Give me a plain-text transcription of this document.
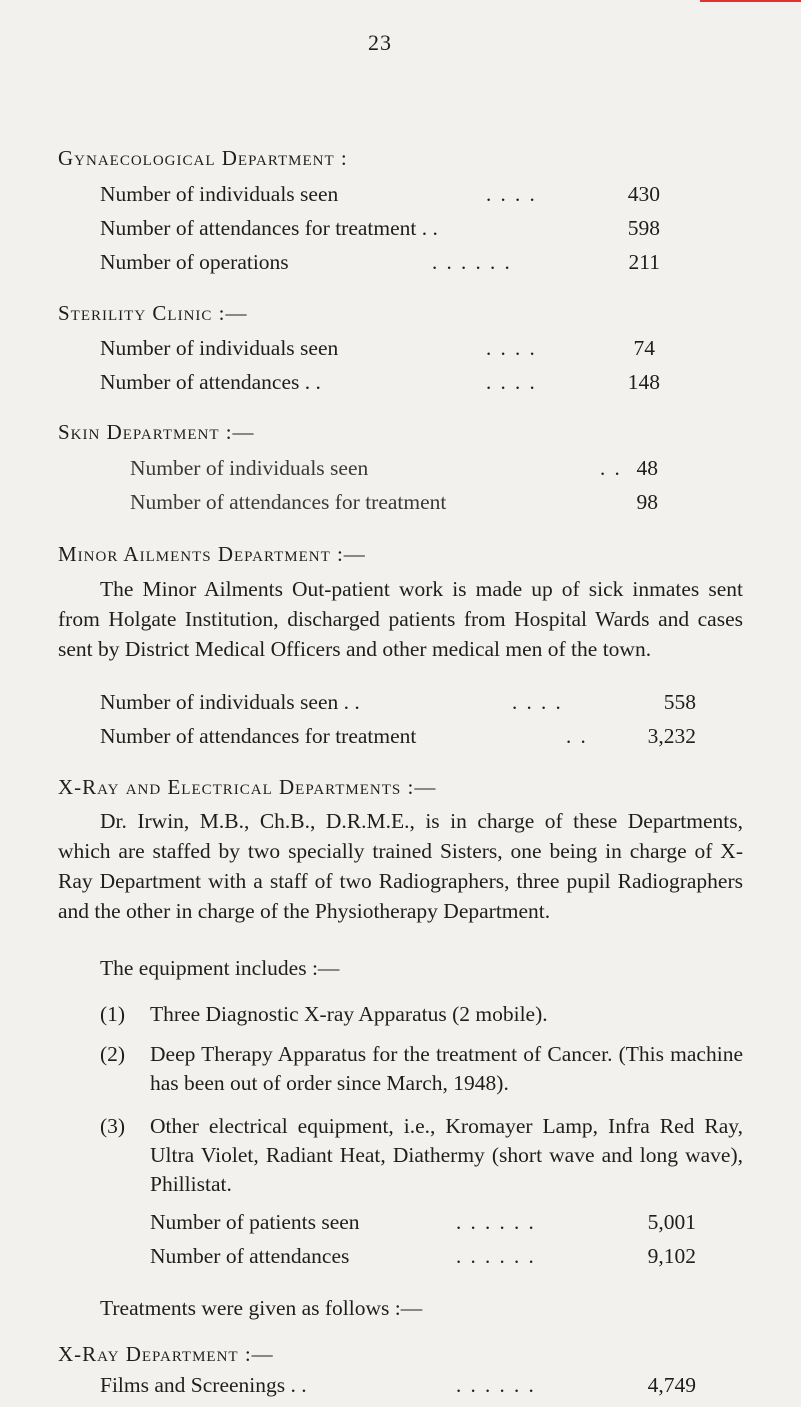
23
Gynaecological Department :
Number of individuals seen	. . . .	430
Number of attendances for treatment . .	598
Number of operations	. . . . . .	211
Sterility Clinic :—
Number of individuals seen	. . . .	74
Number of attendances . .	. . . .	148
Skin Department :—
Number of individuals seen	. . 48
Number of attendances for treatment	98
Minor Ailments Department :—
The Minor Ailments Out-patient work is made up of sick inmates sent from Holgate Institution, discharged patients from Hospital Wards and cases sent by District Medical Officers and other medical men of the town.
Number of individuals seen . .	. . . .	558
Number of attendances for treatment	. .	3,232
X-Ray and Electrical Departments :—
Dr. Irwin, M.B., Ch.B., D.R.M.E., is in charge of these Departments, which are staffed by two specially trained Sisters, one being in charge of X-Ray Department with a staff of two Radiographers, three pupil Radiographers and the other in charge of the Physiotherapy Department.
The equipment includes :—
(1) Three Diagnostic X-ray Apparatus (2 mobile).
(2) Deep Therapy Apparatus for the treatment of Cancer. (This machine has been out of order since March, 1948).
(3) Other electrical equipment, i.e., Kromayer Lamp, Infra Red Ray, Ultra Violet, Radiant Heat, Diathermy (short wave and long wave), Phillistat.
Number of patients seen	. . . . . .	5,001
Number of attendances	. . . . . .	9,102
Treatments were given as follows :—
X-Ray Department :—
Films and Screenings . .	. . . . . .	4,749
